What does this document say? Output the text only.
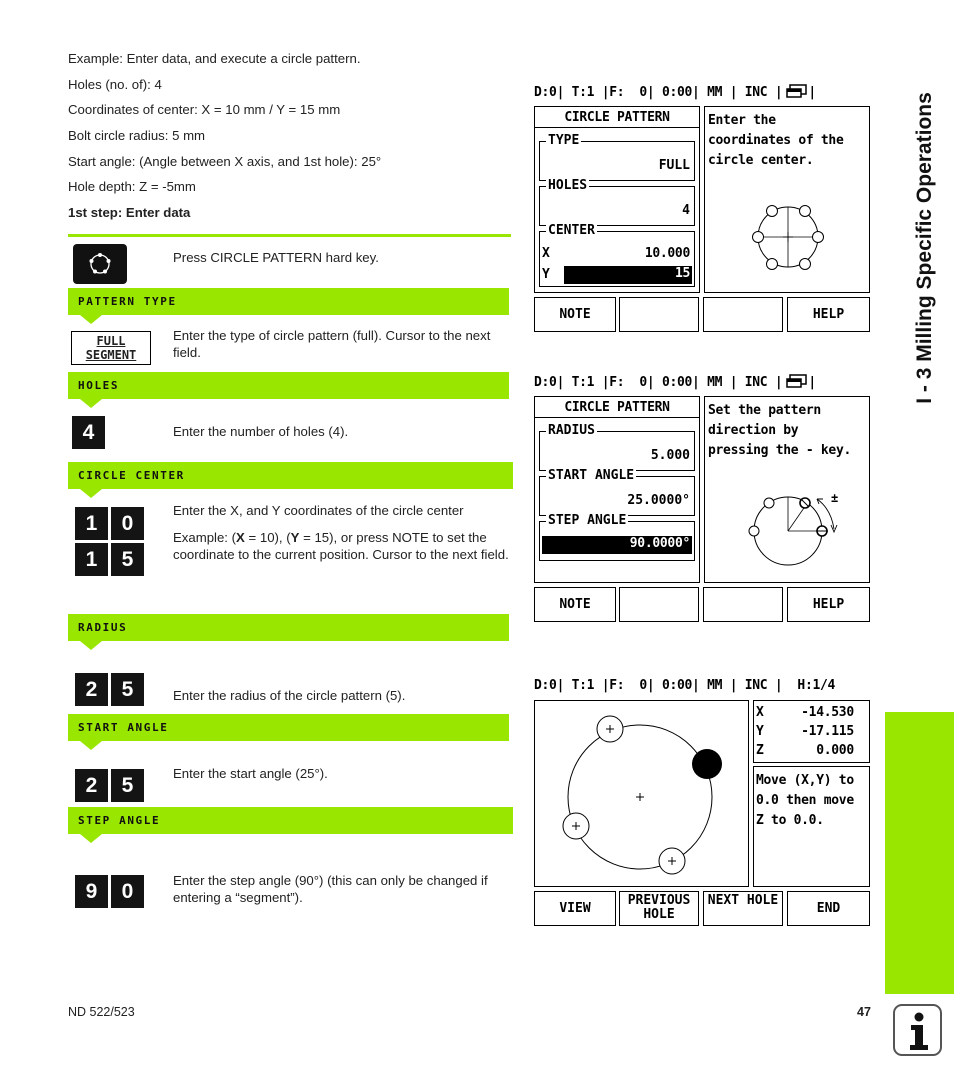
Example: Enter data, and execute a circle pattern.
Holes (no. of): 4
Coordinates of center: X = 10 mm / Y = 15 mm
Bolt circle radius: 5 mm
Start angle: (Angle between X axis, and 1st hole): 25°
Hole depth: Z = -5mm
1st step: Enter data
Press CIRCLE PATTERN hard key.
PATTERN TYPE
FULL
SEGMENT
Enter the type of circle pattern (full). Cursor to the next field.
HOLES
4	Enter the number of holes (4).
CIRCLE CENTER
1	0
1	5
Enter the X, and Y coordinates of the circle center
Example: (X = 10), (Y = 15), or press NOTE to set the coordinate to the current position. Cursor to the next field.
RADIUS
2	5	Enter the radius of the circle pattern (5).
START ANGLE
2	5
Enter the start angle (25°).
STEP ANGLE
9	0	Enter the step angle (90°) (this can only be changed if entering a “segment”).
D:0| T:1 |F:  0| 0:00| MM | INC | |
CIRCLE PATTERN
TYPE
FULL
HOLES
4
CENTER
X	10.000
Y	15
Enter the coordinates of the circle center.
NOTE	HELP
D:0| T:1 |F:  0| 0:00| MM | INC | |
CIRCLE PATTERN
RADIUS
5.000
START ANGLE
25.0000°
STEP ANGLE
90.0000°
Set the pattern direction by pressing the - key.
±
NOTE	HELP
D:0| T:1 |F:  0| 0:00| MM | INC |  H:1/4
X     -14.530
Y     -17.115
Z       0.000
Move (X,Y) to 0.0 then move Z to 0.0.
VIEW
PREVIOUS HOLE
NEXT HOLE
END
I - 3 Milling Specific Operations
ND 522/523	47
